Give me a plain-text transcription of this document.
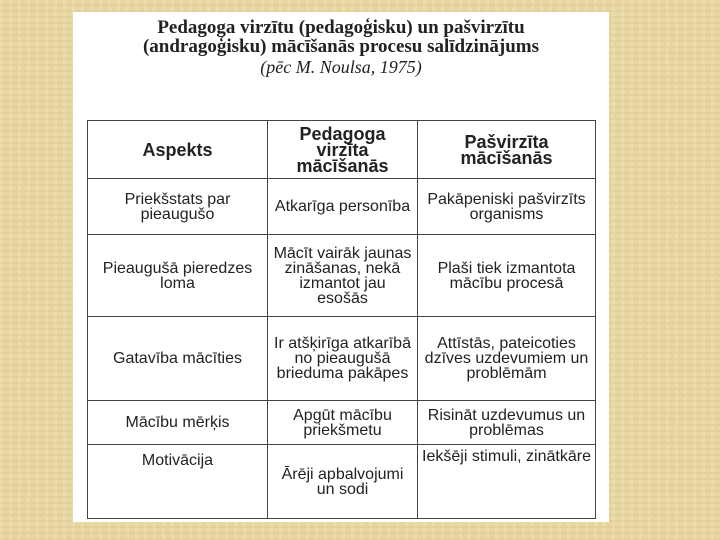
Pedagoga virzītu (pedagoģisku) un pašvirzītu
(andragoģisku) mācīšanās procesu salīdzinājums
(pēc M. Noulsa, 1975)
Aspekts	Pedagoga virzīta mācīšanās	Pašvirzīta mācīšanās
Priekšstats par pieaugušo	Atkarīga personība	Pakāpeniski pašvirzīts organisms
Pieaugušā pieredzes loma	Mācīt vairāk jaunas zināšanas, nekā izmantot jau esošās	Plaši tiek izmantota mācību procesā
Gatavība mācīties	Ir atšķirīga atkarībā no pieaugušā brieduma pakāpes	Attīstās, pateicoties dzīves uzdevumiem un problēmām
Mācību mērķis	Apgūt mācību priekšmetu	Risināt uzdevumus un problēmas
Motivācija	Ārēji apbalvojumi un sodi	Iekšēji stimuli, zinātkāre
